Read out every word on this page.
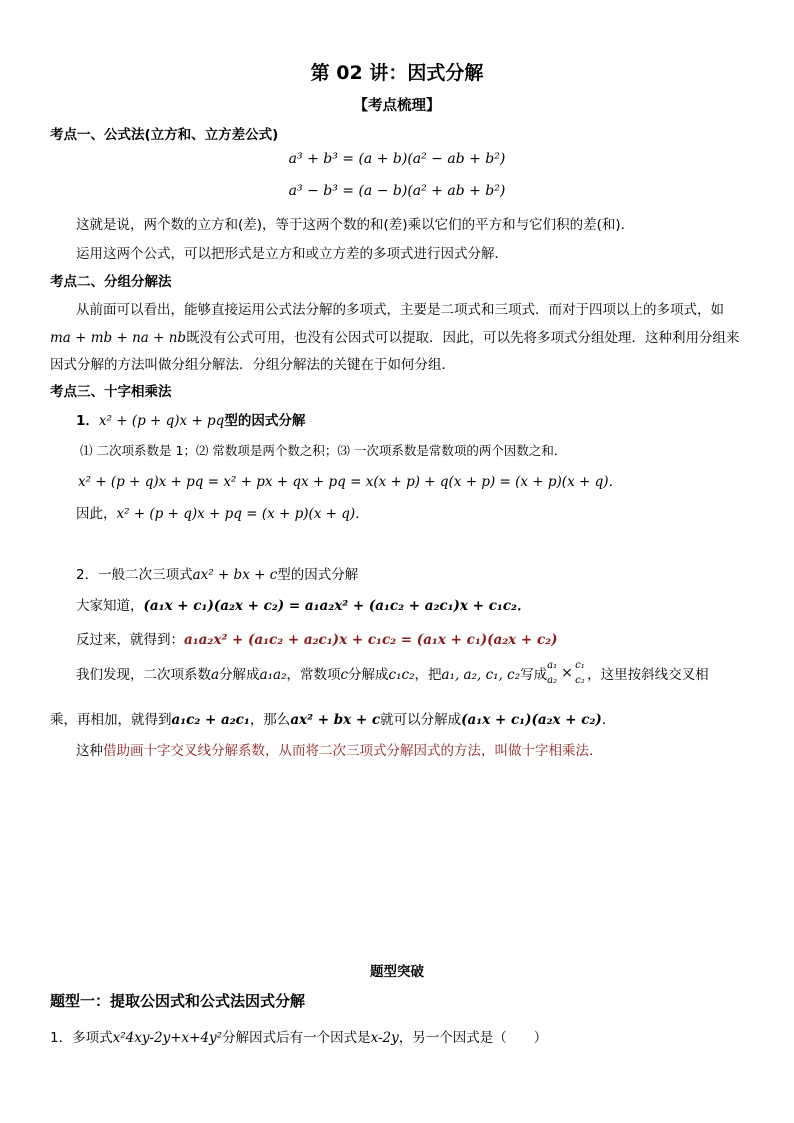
第 02 讲：因式分解
【考点梳理】
考点一、公式法(立方和、立方差公式)
a³ + b³ = (a + b)(a² − ab + b²)
a³ − b³ = (a − b)(a² + ab + b²)
这就是说，两个数的立方和(差)，等于这两个数的和(差)乘以它们的平方和与它们积的差(和)．
运用这两个公式，可以把形式是立方和或立方差的多项式进行因式分解．
考点二、分组分解法
从前面可以看出，能够直接运用公式法分解的多项式，主要是二项式和三项式．而对于四项以上的多项式，如
ma + mb + na + nb既没有公式可用，也没有公因式可以提取．因此，可以先将多项式分组处理．这种利用分组来
因式分解的方法叫做分组分解法．分组分解法的关键在于如何分组．
考点三、十字相乘法
1．x² + (p + q)x + pq型的因式分解
⑴ 二次项系数是 1；⑵ 常数项是两个数之积；⑶ 一次项系数是常数项的两个因数之和．
x² + (p + q)x + pq = x² + px + qx + pq = x(x + p) + q(x + p) = (x + p)(x + q)．
因此，x² + (p + q)x + pq = (x + p)(x + q)．
2．一般二次三项式ax² + bx + c型的因式分解
大家知道，(a₁x + c₁)(a₂x + c₂) = a₁a₂x² + (a₁c₂ + a₂c₁)x + c₁c₂．
反过来，就得到：a₁a₂x² + (a₁c₂ + a₂c₁)x + c₁c₂ = (a₁x + c₁)(a₂x + c₂)
我们发现，二次项系数a分解成a₁a₂，常数项c分解成c₁c₂，把a₁, a₂, c₁, c₂写成
a₁
a₂ × c₁
c₂ ，这里按斜线交叉相
乘，再相加，就得到a₁c₂ + a₂c₁，那么ax² + bx + c就可以分解成(a₁x + c₁)(a₂x + c₂)．
这种借助画十字交叉线分解系数，从而将二次三项式分解因式的方法，叫做十字相乘法．
题型突破
题型一：提取公因式和公式法因式分解
1．多项式x²4xy-2y+x+4y²分解因式后有一个因式是x-2y，另一个因式是（　　）
